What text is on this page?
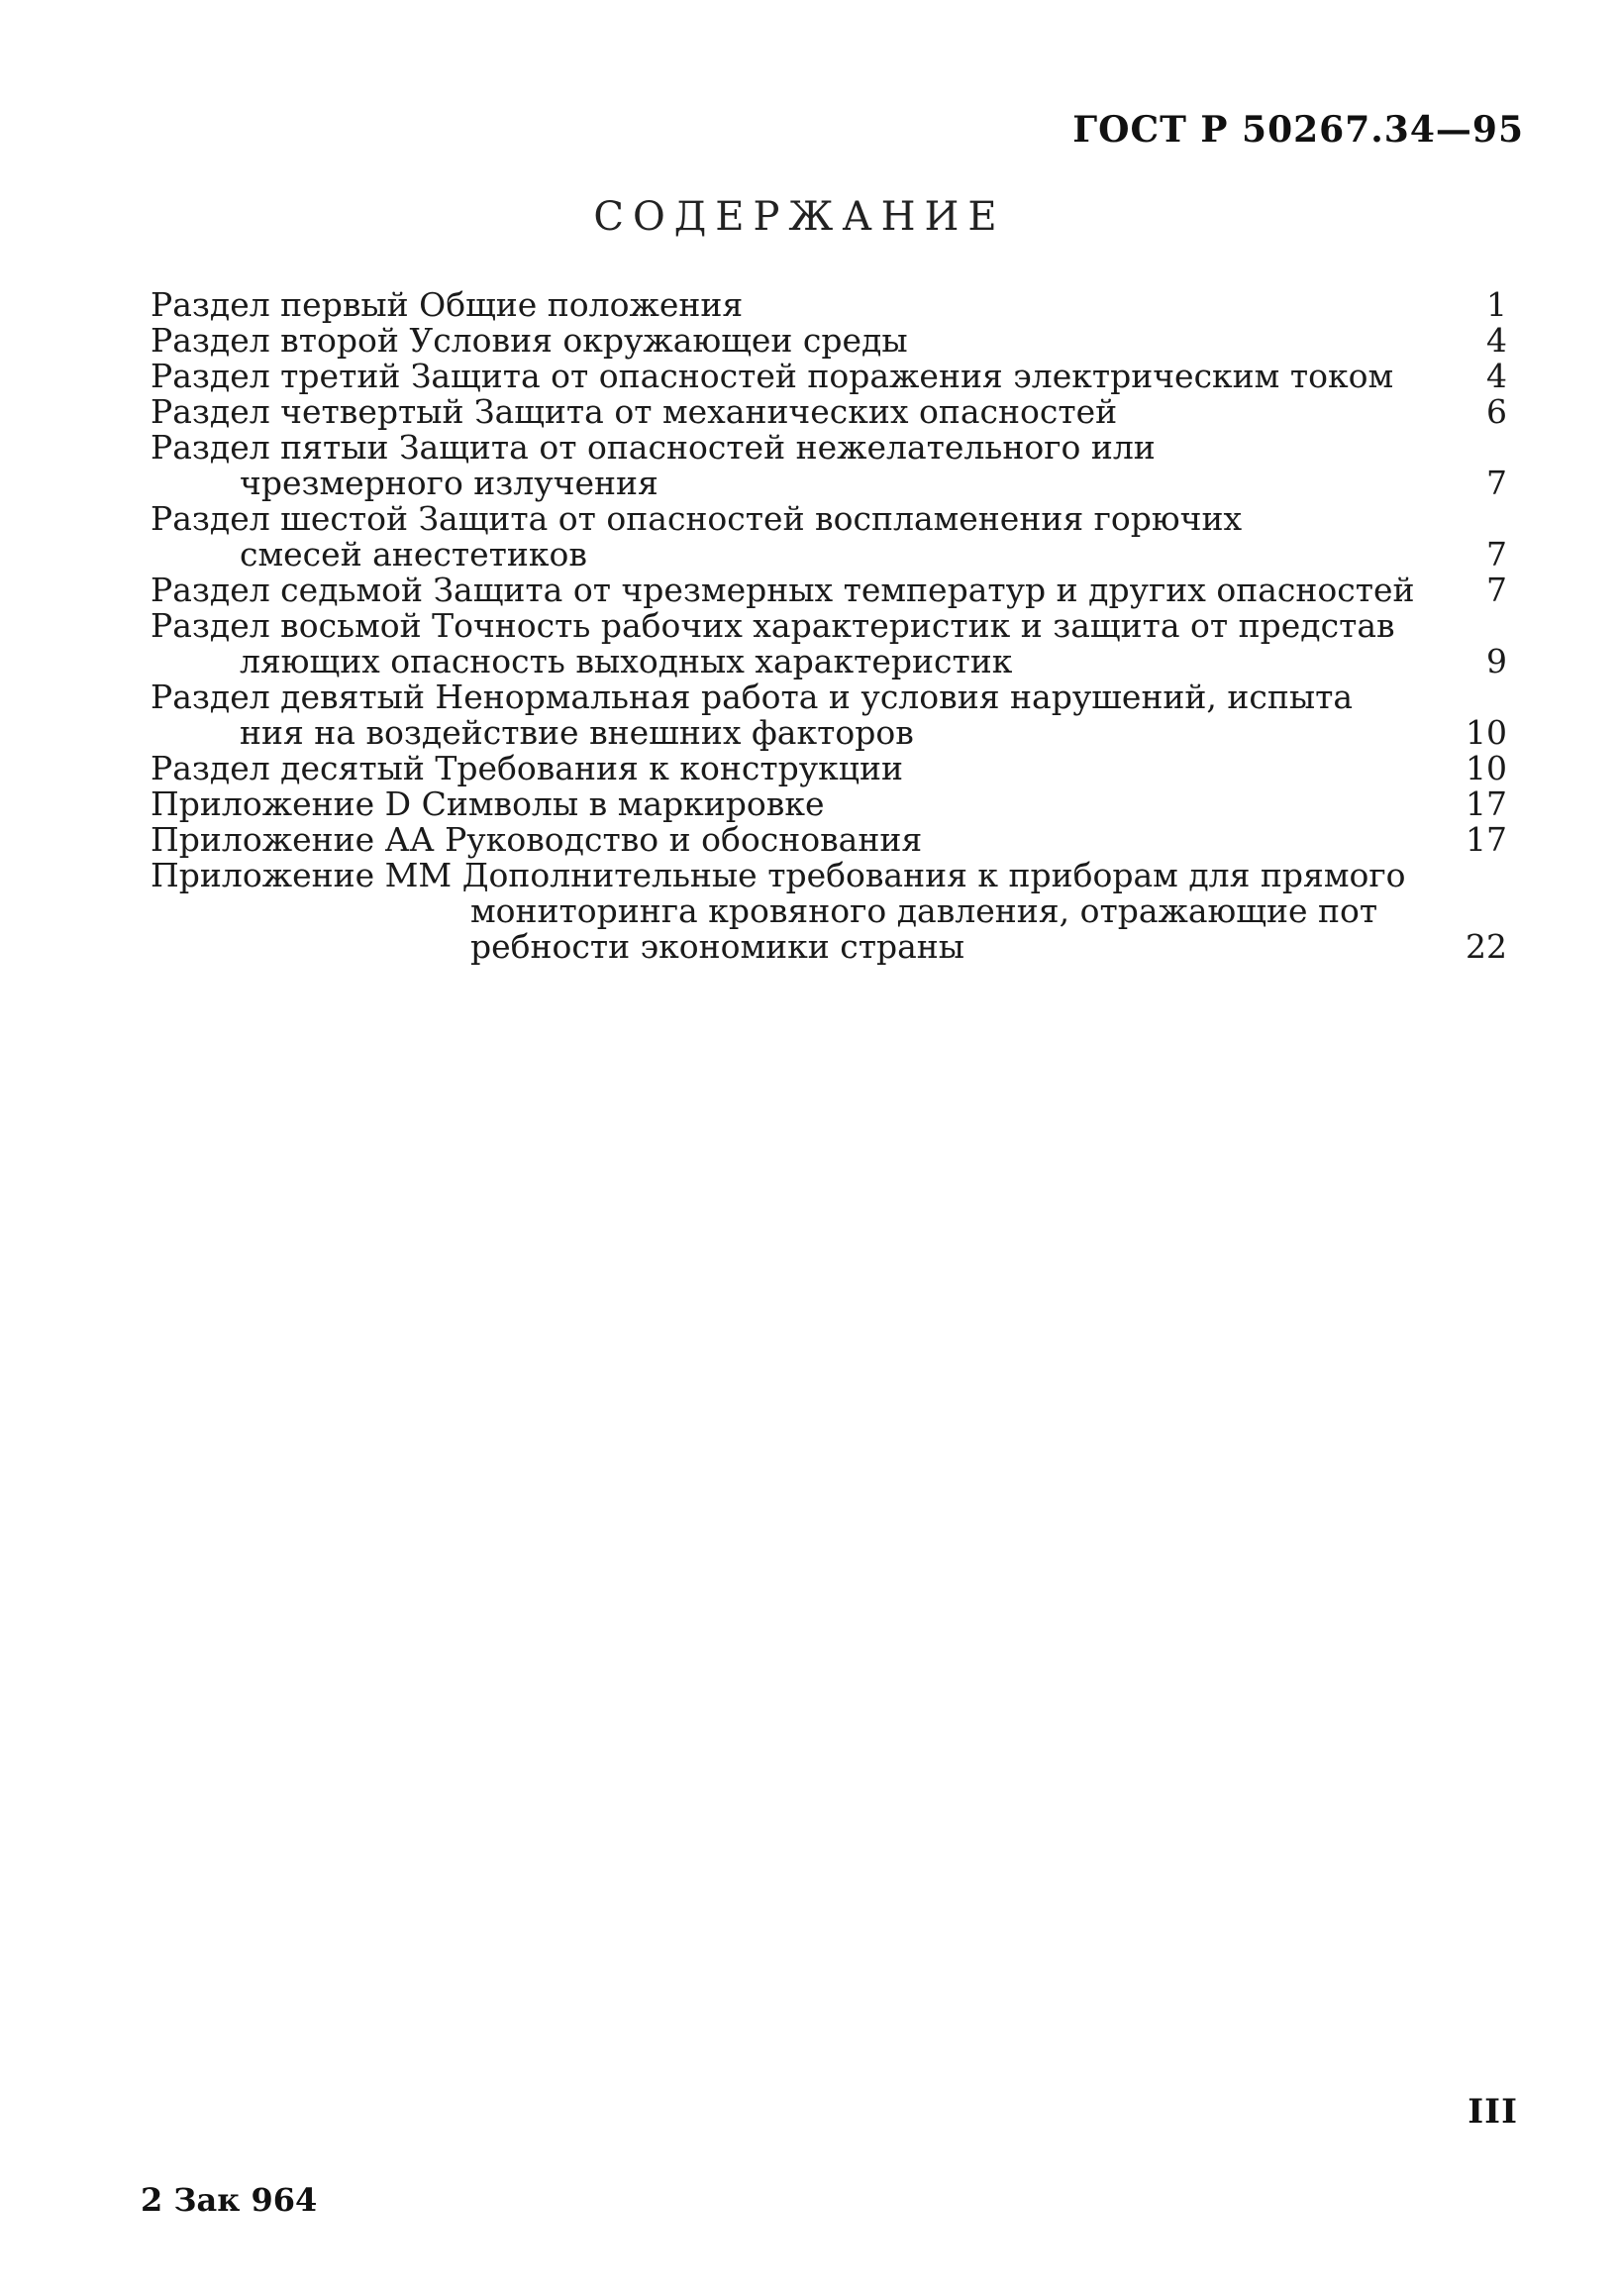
ГОСТ Р 50267.34—95
СОДЕРЖАНИЕ
Раздел первый Общие положения	1
Раздел второй Условия окружающеи среды	4
Раздел третий Защита от опасностей поражения электрическим током	4
Раздел четвертый Защита от механических опасностей	6
Раздел пятыи Защита от опасностей нежелательного или
чрезмерного излучения	7
Раздел шестой Защита от опасностей воспламенения горючих
смесей анестетиков	7
Раздел седьмой Защита от чрезмерных температур и других опасностей	7
Раздел восьмой Точность рабочих характеристик и защита от представ
ляющих опасность выходных характеристик	9
Раздел девятый Ненормальная работа и условия нарушений, испыта
ния на воздействие внешних факторов	10
Раздел десятый Требования к конструкции	10
Приложение D Символы в маркировке	17
Приложение АА Руководство и обоснования	17
Приложение ММ Дополнительные требования к приборам для прямого
мониторинга кровяного давления, отражающие пот
ребности экономики страны	22
III
2 Зак 964
